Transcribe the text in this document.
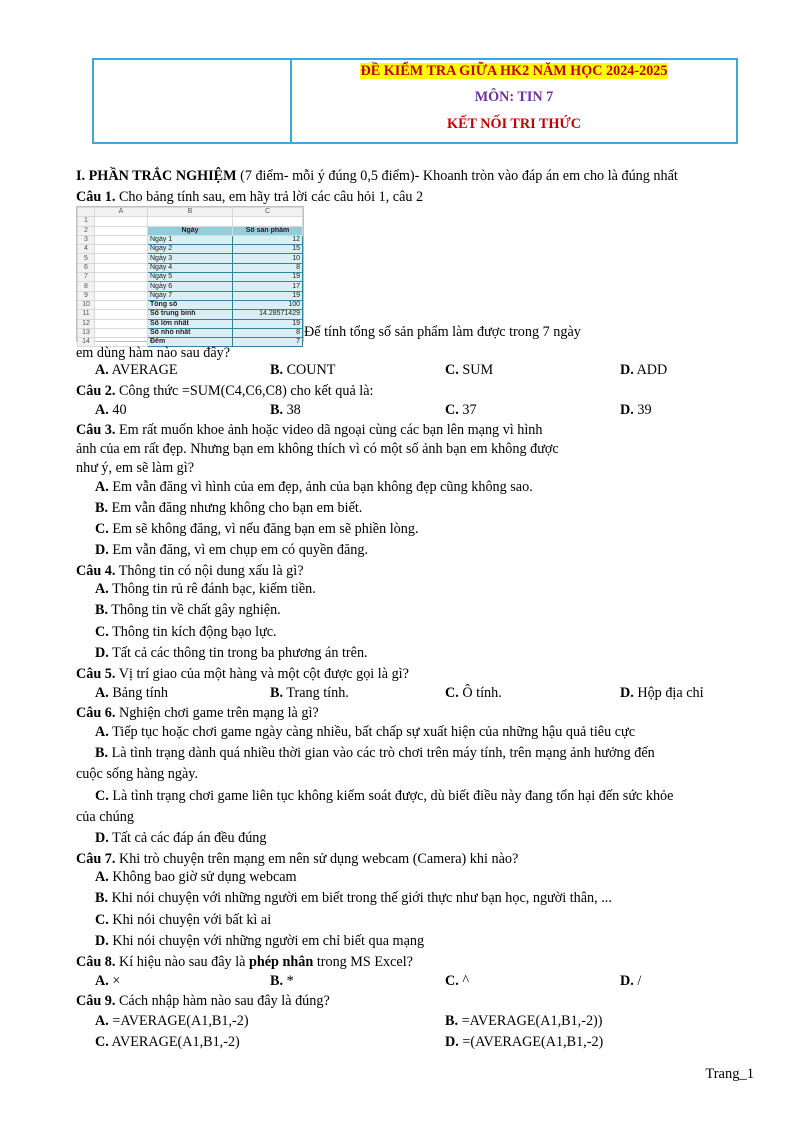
ĐỀ KIỂM TRA GIỮA HK2 NĂM HỌC 2024-2025
MÔN: TIN 7
KẾT NỐI TRI THỨC
I. PHẦN TRẮC NGHIỆM (7 điểm- mỗi ý đúng 0,5 điểm)- Khoanh tròn vào đáp án em cho là đúng nhất
Câu 1. Cho bảng tính sau, em hãy trả lời các câu hỏi 1, câu 2
	A	B	C
1			
2		Ngày	Số sản phẩm
3		Ngày 1	12
4		Ngày 2	15
5		Ngày 3	10
6		Ngày 4	8
7		Ngày 5	19
8		Ngày 6	17
9		Ngày 7	19
10		Tổng số	100
11		Số trung bình	14.28571429
12		Số lớn nhất	19
13		Số nhỏ nhất	8
14		Đếm	7
Để tính tổng số sản phẩm làm được trong 7 ngày
em dùng hàm nào sau đây?
A. AVERAGE	B. COUNT	C. SUM	D. ADD
Câu 2. Công thức =SUM(C4,C6,C8) cho kết quả là:
A. 40	B. 38	C. 37	D. 39
Câu 3. Em rất muốn khoe ảnh hoặc video dã ngoại cùng các bạn lên mạng vì hình
ảnh của em rất đẹp. Nhưng bạn em không thích vì có một số ảnh bạn em không được
như ý, em sẽ làm gì?
A. Em vẫn đăng vì hình của em đẹp, ảnh của bạn không đẹp cũng không sao.
B. Em vẫn đăng nhưng không cho bạn em biết.
C. Em sẽ không đăng, vì nếu đăng bạn em sẽ phiền lòng.
D. Em vẫn đăng, vì em chụp em có quyền đăng.
Câu 4. Thông tin có nội dung xấu là gì?
A. Thông tin rủ rê đánh bạc, kiếm tiền.
B. Thông tin về chất gây nghiện.
C. Thông tin kích động bạo lực.
D. Tất cả các thông tin trong ba phương án trên.
Câu 5. Vị trí giao của một hàng và một cột được gọi là gì?
A. Bảng tính	B. Trang tính.	C. Ô tính.	D. Hộp địa chỉ
Câu 6. Nghiện chơi game trên mạng là gì?
A. Tiếp tục hoặc chơi game ngày càng nhiều, bất chấp sự xuất hiện của những hậu quả tiêu cực
B. Là tình trạng dành quá nhiều thời gian vào các trò chơi trên máy tính, trên mạng ảnh hưởng đến
cuộc sống hàng ngày.
C. Là tình trạng chơi game liên tục không kiểm soát được, dù biết điều này đang tổn hại đến sức khỏe
của chúng
D. Tất cả các đáp án đều đúng
Câu 7. Khi trò chuyện trên mạng em nên sử dụng webcam (Camera) khi nào?
A. Không bao giờ sử dụng webcam
B. Khi nói chuyện với những người em biết trong thế giới thực như bạn học, người thân, ...
C. Khi nói chuyện với bất kì ai
D. Khi nói chuyện với những người em chỉ biết qua mạng
Câu 8. Kí hiệu nào sau đây là phép nhân trong MS Excel?
A. ×	B. *	C. ^	D. /
Câu 9. Cách nhập hàm nào sau đây là đúng?
A. =AVERAGE(A1,B1,-2)	B. =AVERAGE(A1,B1,-2))
C. AVERAGE(A1,B1,-2)	D. =(AVERAGE(A1,B1,-2)
Trang_1
